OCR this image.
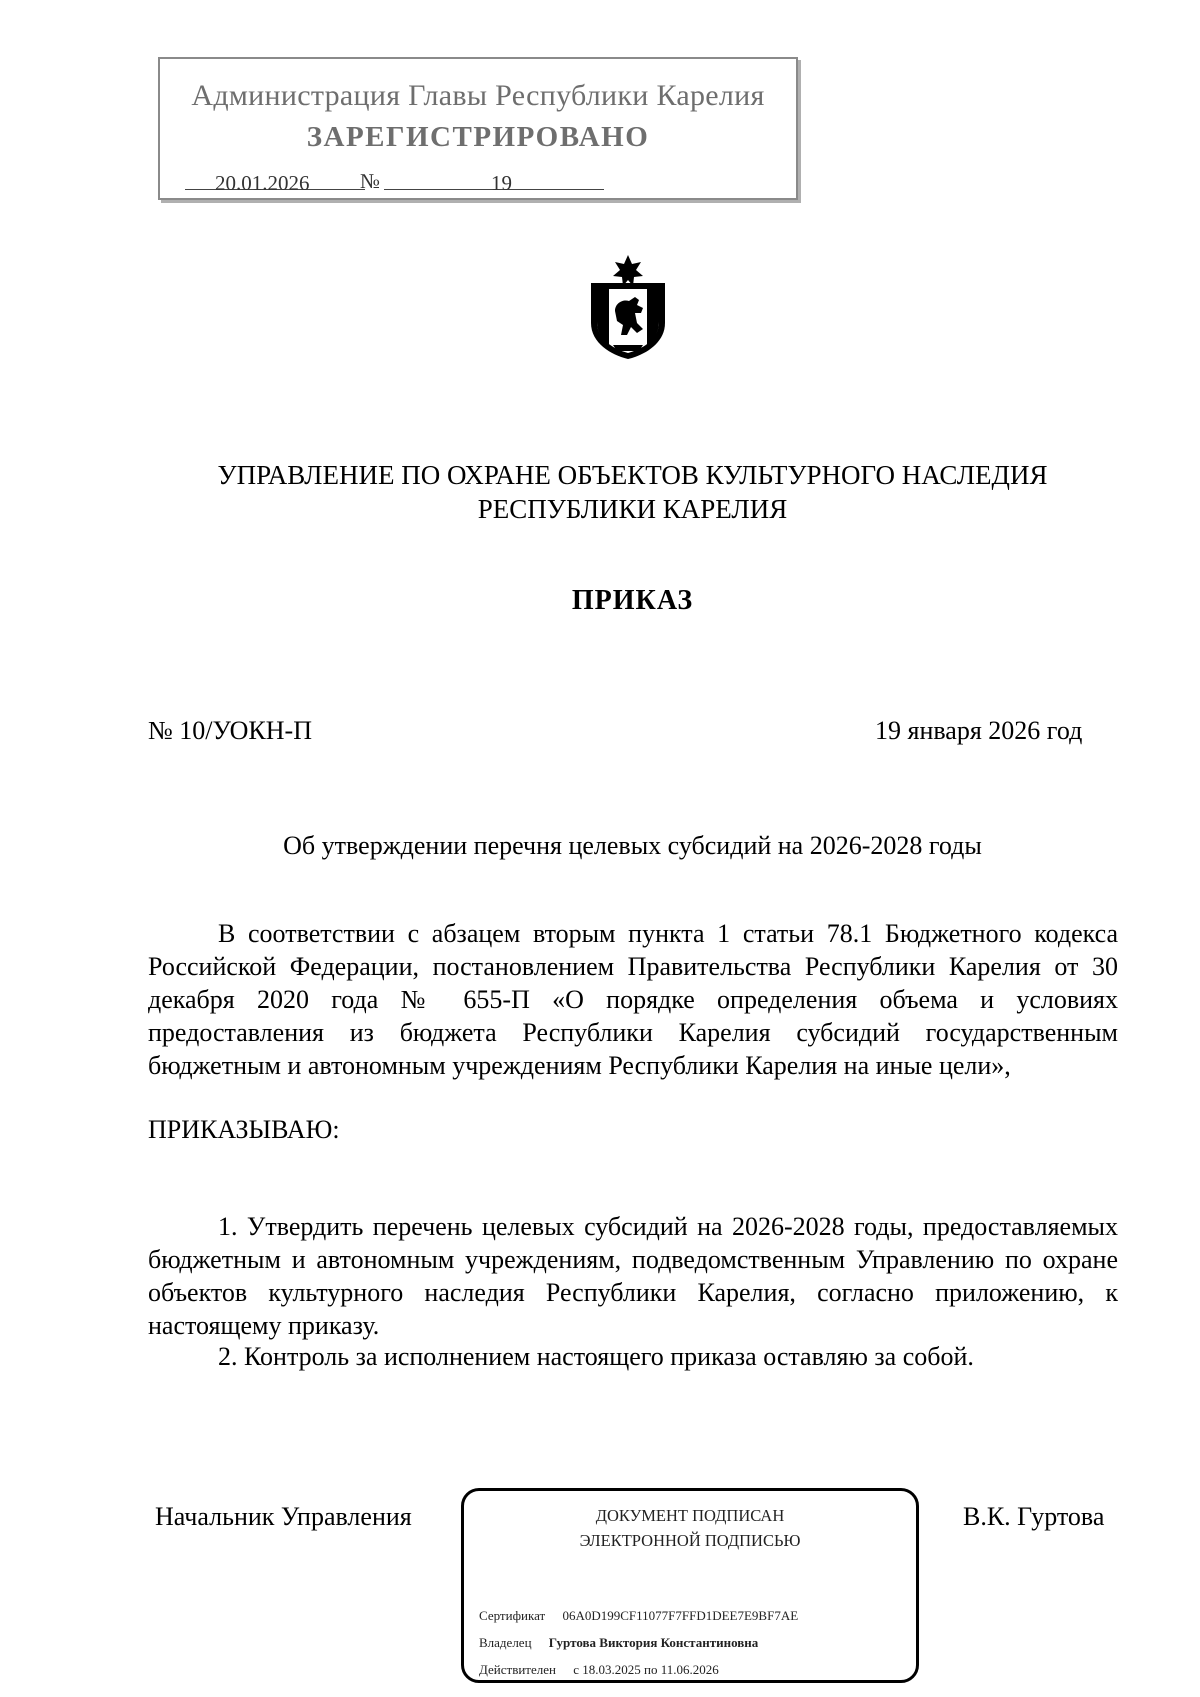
Администрация Главы Республики Карелия
ЗАРЕГИСТРИРОВАНО
20.01.2026 №	19
УПРАВЛЕНИЕ ПО ОХРАНЕ ОБЪЕКТОВ КУЛЬТУРНОГО НАСЛЕДИЯ
РЕСПУБЛИКИ КАРЕЛИЯ
ПРИКАЗ
№ 10/УОКН-П	19 января 2026 год
Об утверждении перечня целевых субсидий на 2026-2028 годы
В соответствии с абзацем вторым пункта 1 статьи 78.1 Бюджетного кодекса Российской Федерации, постановлением Правительства Республики Карелия от 30 декабря 2020 года № 655-П «О порядке определения объема и условиях предоставления из бюджета Республики Карелия субсидий государственным бюджетным и автономным учреждениям Республики Карелия на иные цели»,
ПРИКАЗЫВАЮ:
1. Утвердить перечень целевых субсидий на 2026-2028 годы, предоставляемых бюджетным и автономным учреждениям, подведомственным Управлению по охране объектов культурного наследия Республики Карелия, согласно приложению, к настоящему приказу.
2. Контроль за исполнением настоящего приказа оставляю за собой.
Начальник Управления	В.К. Гуртова
ДОКУМЕНТ ПОДПИСАН
ЭЛЕКТРОННОЙ ПОДПИСЬЮ
Сертификат 06A0D199CF11077F7FFD1DEE7E9BF7AE
Владелец Гуртова Виктория Константиновна
Действителен с 18.03.2025 по 11.06.2026
